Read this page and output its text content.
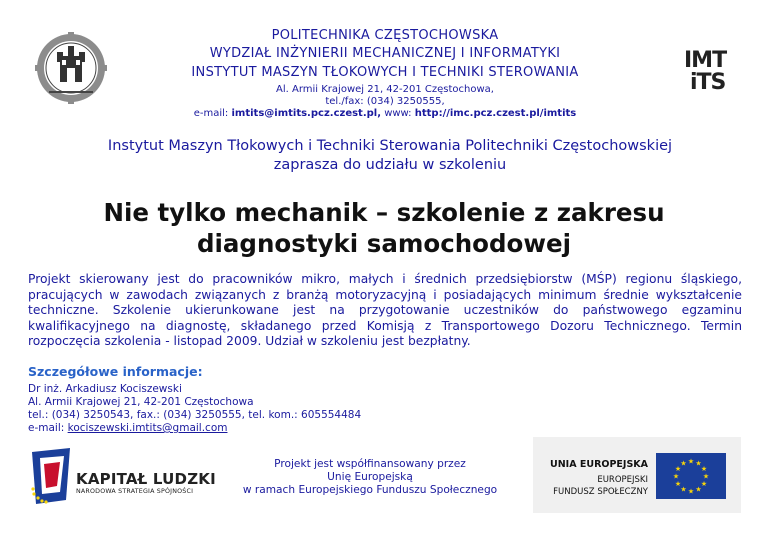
POLITECHNIKA CZĘSTOCHOWSKA
WYDZIAŁ INŻYNIERII MECHANICZNEJ I INFORMATYKI
INSTYTUT MASZYN TŁOKOWYCH I TECHNIKI STEROWANIA
Al. Armii Krajowej 21, 42-201 Częstochowa,
tel./fax: (034) 3250555,
e-mail: imtits@imtits.pcz.czest.pl, www: http://imc.pcz.czest.pl/imtits
IMT
iTS
Instytut Maszyn Tłokowych i Techniki Sterowania Politechniki Częstochowskiej
zaprasza do udziału w szkoleniu
Nie tylko mechanik – szkolenie z zakresu
diagnostyki samochodowej
Projekt skierowany jest do pracowników mikro, małych i średnich przedsiębiorstw (MŚP) regionu śląskiego, pracujących w zawodach związanych z branżą motoryzacyjną i posiadających minimum średnie wykształcenie techniczne. Szkolenie ukierunkowane jest na przygotowanie uczestników do państwowego egzaminu kwalifikacyjnego na diagnostę, składanego przed Komisją z Transportowego Dozoru Technicznego. Termin rozpoczęcia szkolenia - listopad 2009. Udział w szkoleniu jest bezpłatny.
Szczegółowe informacje:
Dr inż. Arkadiusz Kociszewski
Al. Armii Krajowej 21, 42-201 Częstochowa
tel.: (034) 3250543, fax.: (034) 3250555, tel. kom.: 605554484
e-mail: kociszewski.imtits@gmail.com
KAPITAŁ LUDZKI
NARODOWA STRATEGIA SPÓJNOŚCI
Projekt jest współfinansowany przez
Unię Europejską
w ramach Europejskiego Funduszu Społecznego
UNIA EUROPEJSKA
EUROPEJSKI
FUNDUSZ SPOŁECZNY
★ ★
★
★
★
★
★
★
★
★
★
★
